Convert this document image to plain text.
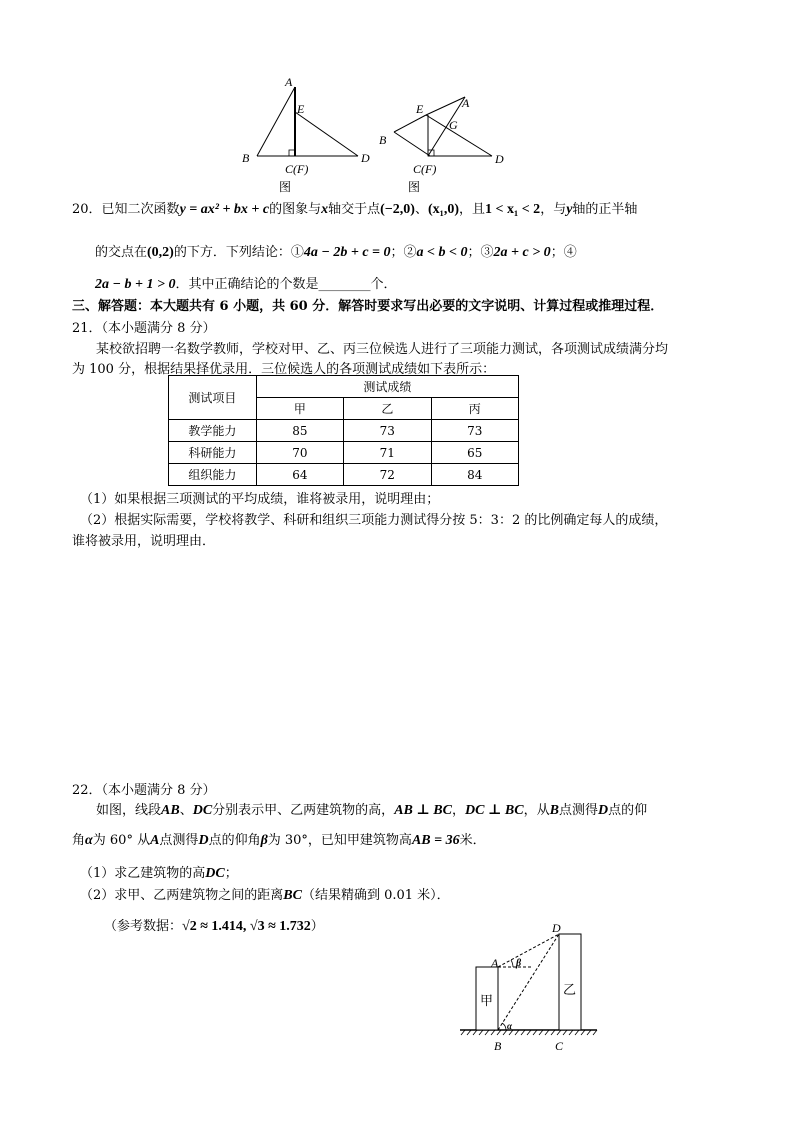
A
E
B
C(F)
D
图
E	A
G
B
C(F)
D
图
20．已知二次函数y = ax² + bx + c的图象与x轴交于点(−2,0)、(x₁,0)，且1 < x₁ < 2，与y轴的正半轴
的交点在(0,2)的下方．下列结论：①4a − 2b + c = 0；②a < b < 0；③2a + c > 0；④
2a − b + 1 > 0．其中正确结论的个数是________个．
三、解答题：本大题共有 6 小题，共 60 分．解答时要求写出必要的文字说明、计算过程或推理过程．
21．（本小题满分 8 分）
某校欲招聘一名数学教师，学校对甲、乙、丙三位候选人进行了三项能力测试，各项测试成绩满分均
为 100 分，根据结果择优录用．三位候选人的各项测试成绩如下表所示：
测试项目	测试成绩		
	甲	乙	丙
教学能力	85	73	73
科研能力	70	71	65
组织能力	64	72	84
（1）如果根据三项测试的平均成绩，谁将被录用，说明理由；
（2）根据实际需要，学校将教学、科研和组织三项能力测试得分按 5：3：2 的比例确定每人的成绩，
谁将被录用，说明理由．
22．（本小题满分 8 分）
如图，线段AB、DC分别表示甲、乙两建筑物的高，AB ⊥ BC，DC ⊥ BC，从B点测得D点的仰
角α为 60° 从A点测得D点的仰角β为 30°，已知甲建筑物高AB = 36米．
（1）求乙建筑物的高DC；
（2）求甲、乙两建筑物之间的距离BC（结果精确到 0.01 米）．
（参考数据：√2 ≈ 1.414, √3 ≈ 1.732）	D
A β
α
甲
乙
B	C
